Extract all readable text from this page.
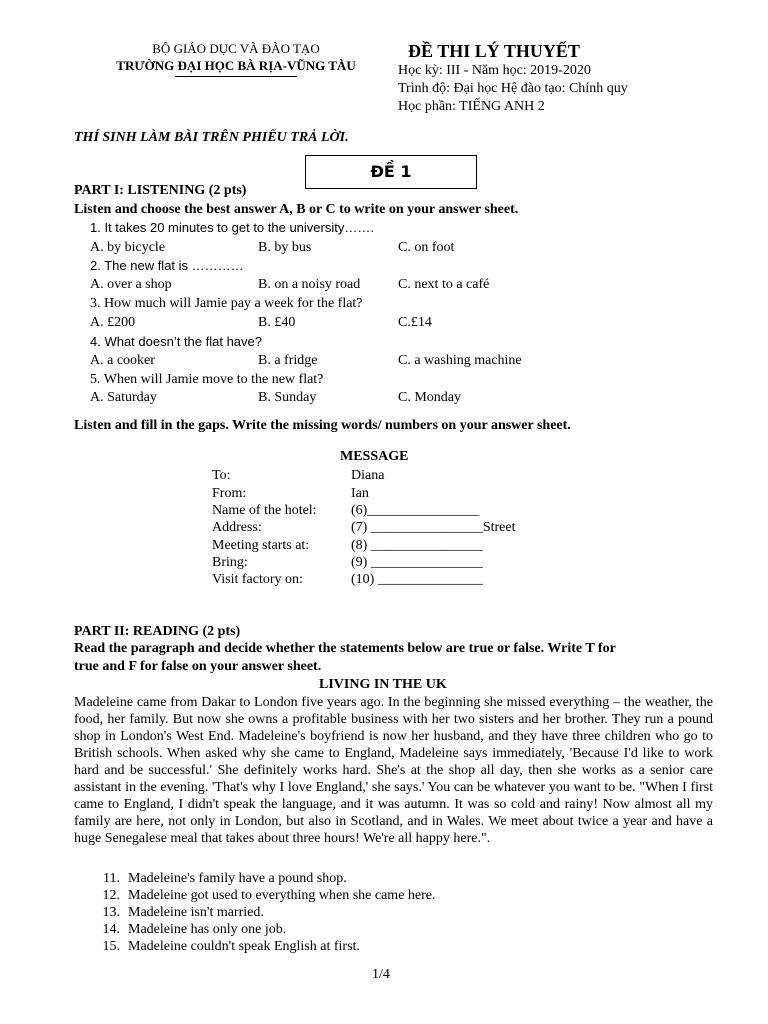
BỘ GIÁO DỤC VÀ ĐÀO TẠO
TRƯỜNG ĐẠI HỌC BÀ RỊA-VŨNG TÀU
ĐỀ THI LÝ THUYẾT
Học kỳ: III - Năm học: 2019-2020
Trình độ: Đại học Hệ đào tạo: Chính quy
Học phần: TIẾNG ANH 2
THÍ SINH LÀM BÀI TRÊN PHIẾU TRẢ LỜI.
ĐỀ 1
PART I: LISTENING (2 pts)
Listen and choose the best answer A, B or C to write on your answer sheet.
1. It takes 20 minutes to get to the university…….
A. by bicycle	B. by bus	C. on foot
2. The new flat is …………
A. over a shop	B. on a noisy road	C. next to a café
3. How much will Jamie pay a week for the flat?
A. £200	B. £40	C.£14
4. What doesn’t the flat have?
A. a cooker	B. a fridge	C. a washing machine
5. When will Jamie move to the new flat?
A. Saturday	B. Sunday	C. Monday
Listen and fill in the gaps. Write the missing words/ numbers on your answer sheet.
MESSAGE
To:	Diana
From:	Ian
Name of the hotel: (6)________________
Address:	(7) ________________Street
Meeting starts at:	(8) ________________
Bring:	(9) ________________
Visit factory on:	(10) _______________
PART II: READING (2 pts)
Read the paragraph and decide whether the statements below are true or false. Write T for
true and F for false on your answer sheet.
LIVING IN THE UK
Madeleine came from Dakar to London five years ago. In the beginning she missed everything – the weather, the food, her family. But now she owns a profitable business with her two sisters and her brother. They run a pound shop in London's West End. Madeleine's boyfriend is now her husband, and they have three children who go to British schools. When asked why she came to England, Madeleine says immediately, 'Because I'd like to work hard and be successful.' She definitely works hard. She's at the shop all day, then she works as a senior care assistant in the evening. 'That's why I love England,' she says.' You can be whatever you want to be. "When I first came to England, I didn't speak the language, and it was autumn. It was so cold and rainy! Now almost all my family are here, not only in London, but also in Scotland, and in Wales. We meet about twice a year and have a huge Senegalese meal that takes about three hours! We're all happy here.".
11. Madeleine's family have a pound shop.
12. Madeleine got used to everything when she came here.
13. Madeleine isn't married.
14. Madeleine has only one job.
15. Madeleine couldn't speak English at first.
1/4
